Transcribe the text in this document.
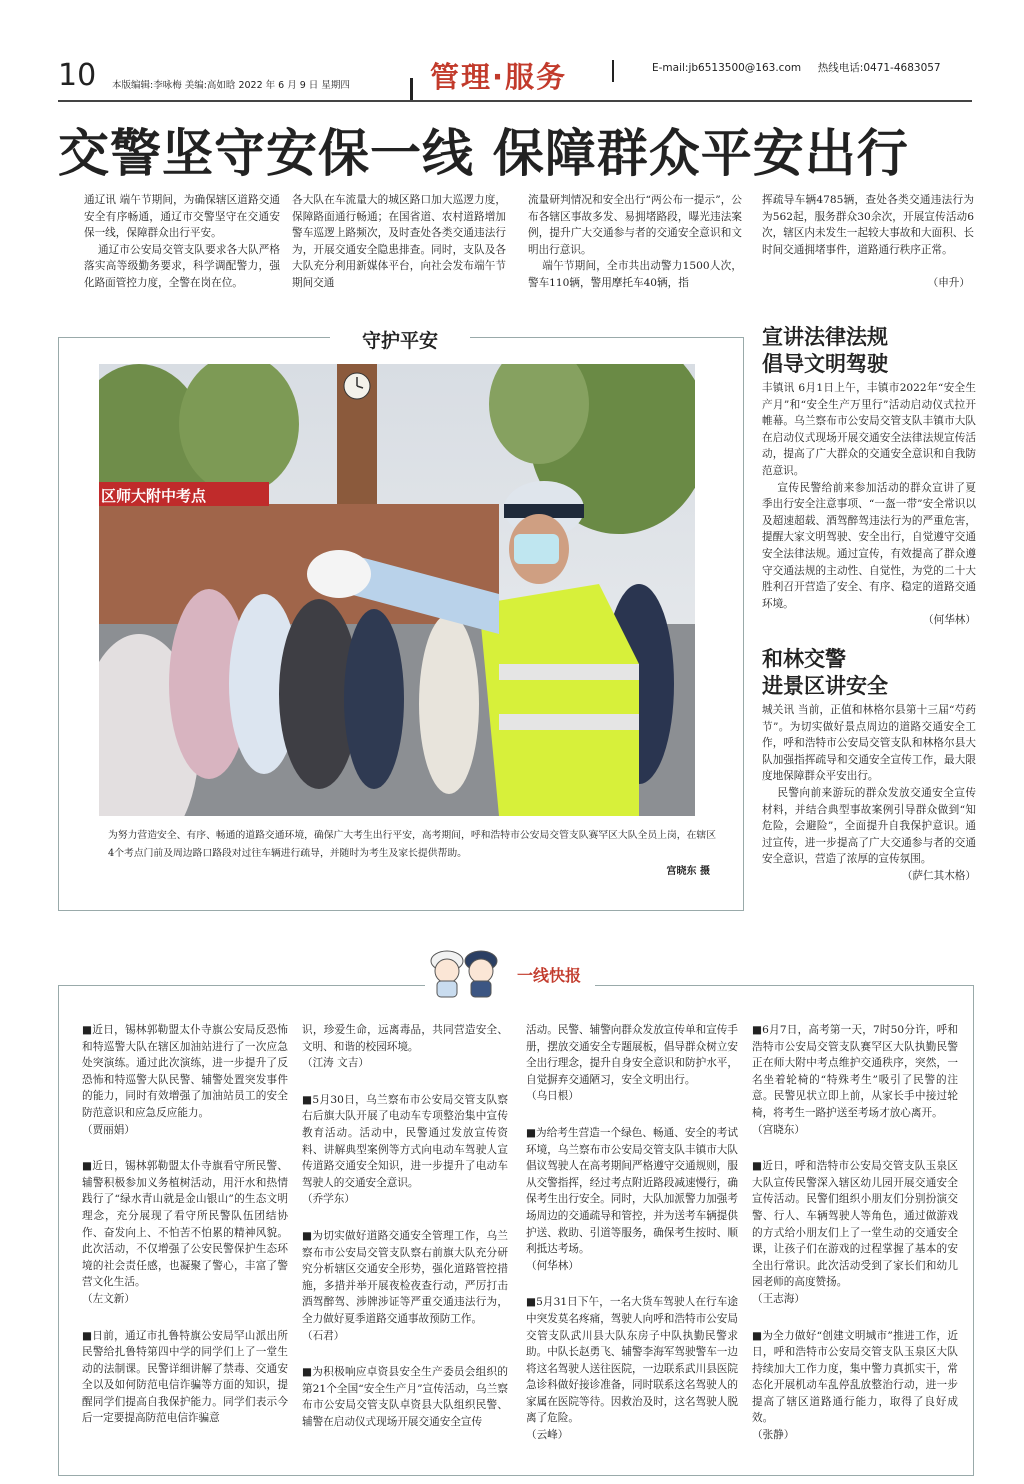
10 本版编辑:李咏梅 美编:高如晗 2022 年 6 月 9 日 星期四	管理·服务	E-mail:jb6513500@163.com 热线电话:0471-4683057
交警坚守安保一线 保障群众平安出行
通辽讯 端午节期间，为确保辖区道路交通安全有序畅通，通辽市交警坚守在交通安保一线，保障群众出行平安。
通辽市公安局交管支队要求各大队严格落实高等级勤务要求，科学调配警力，强化路面管控力度，全警在岗在位。
各大队在车流量大的城区路口加大巡逻力度，保障路面通行畅通；在国省道、农村道路增加警车巡逻上路频次，及时查处各类交通违法行为，开展交通安全隐患排查。同时，支队及各大队充分利用新媒体平台，向社会发布端午节期间交通
流量研判情况和安全出行“两公布一提示”，公布各辖区事故多发、易拥堵路段，曝光违法案例，提升广大交通参与者的交通安全意识和文明出行意识。
端午节期间，全市共出动警力1500人次，警车110辆，警用摩托车40辆，指
挥疏导车辆4785辆，查处各类交通违法行为为562起，服务群众30余次，开展宣传活动6次，辖区内未发生一起较大事故和大面积、长时间交通拥堵事件，道路通行秩序正常。
（申升）
守护平安
区师大附中考点
为努力营造安全、有序、畅通的道路交通环境，确保广大考生出行平安，高考期间，呼和浩特市公安局交管支队赛罕区大队全员上岗，在辖区4个考点门前及周边路口路段对过往车辆进行疏导，并随时为考生及家长提供帮助。
宫晓东 摄
宣讲法律法规
倡导文明驾驶
丰镇讯 6月1日上午，丰镇市2022年“安全生产月”和“安全生产万里行”活动启动仪式拉开帷幕。乌兰察布市公安局交管支队丰镇市大队在启动仪式现场开展交通安全法律法规宣传活动，提高了广大群众的交通安全意识和自我防范意识。
宣传民警给前来参加活动的群众宣讲了夏季出行安全注意事项、“一盔一带”安全常识以及超速超载、酒驾醉驾违法行为的严重危害，提醒大家文明驾驶、安全出行，自觉遵守交通安全法律法规。通过宣传，有效提高了群众遵守交通法规的主动性、自觉性，为党的二十大胜利召开营造了安全、有序、稳定的道路交通环境。
（何华林）
和林交警
进景区讲安全
城关讯 当前，正值和林格尔县第十三届“芍药节”。为切实做好景点周边的道路交通安全工作，呼和浩特市公安局交管支队和林格尔县大队加强指挥疏导和交通安全宣传工作，最大限度地保障群众平安出行。
民警向前来游玩的群众发放交通安全宣传材料，并结合典型事故案例引导群众做到“知危险，会避险”，全面提升自我保护意识。通过宣传，进一步提高了广大交通参与者的交通安全意识，营造了浓厚的宣传氛围。
（萨仁其木格）
一线快报
■近日，锡林郭勒盟太仆寺旗公安局反恐怖和特巡警大队在辖区加油站进行了一次应急处突演练。通过此次演练，进一步提升了反恐怖和特巡警大队民警、辅警处置突发事件的能力，同时有效增强了加油站员工的安全防范意识和应急反应能力。
（贾丽娟）
■近日，锡林郭勒盟太仆寺旗看守所民警、辅警积极参加义务植树活动，用汗水和热情践行了“绿水青山就是金山银山”的生态文明理念，充分展现了看守所民警队伍团结协作、奋发向上、不怕苦不怕累的精神风貌。此次活动，不仅增强了公安民警保护生态环境的社会责任感，也凝聚了警心，丰富了警营文化生活。
（左文新）
■日前，通辽市扎鲁特旗公安局罕山派出所民警给扎鲁特第四中学的同学们上了一堂生动的法制课。民警详细讲解了禁毒、交通安全以及如何防范电信诈骗等方面的知识，提醒同学们提高自我保护能力。同学们表示今后一定要提高防范电信诈骗意
识，珍爱生命，远离毒品，共同营造安全、文明、和谐的校园环境。
（江涛 文吉）
■5月30日，乌兰察布市公安局交管支队察右后旗大队开展了电动车专项整治集中宣传教育活动。活动中，民警通过发放宣传资料、讲解典型案例等方式向电动车驾驶人宣传道路交通安全知识，进一步提升了电动车驾驶人的交通安全意识。
（乔学东）
■为切实做好道路交通安全管理工作，乌兰察布市公安局交管支队察右前旗大队充分研究分析辖区交通安全形势，强化道路管控措施，多措并举开展夜检夜查行动，严厉打击酒驾醉驾、涉牌涉证等严重交通违法行为，全力做好夏季道路交通事故预防工作。
（石君）
■为积极响应卓资县安全生产委员会组织的第21个全国“安全生产月”宣传活动，乌兰察布市公安局交管支队卓资县大队组织民警、辅警在启动仪式现场开展交通安全宣传
活动。民警、辅警向群众发放宣传单和宣传手册，摆放交通安全专题展板，倡导群众树立安全出行理念，提升自身安全意识和防护水平，自觉摒弃交通陋习，安全文明出行。
（乌日根）
■为给考生营造一个绿色、畅通、安全的考试环境，乌兰察布市公安局交管支队丰镇市大队倡议驾驶人在高考期间严格遵守交通规则，服从交警指挥，经过考点附近路段减速慢行，确保考生出行安全。同时，大队加派警力加强考场周边的交通疏导和管控，并为送考车辆提供护送、救助、引道等服务，确保考生按时、顺利抵达考场。
（何华林）
■5月31日下午，一名大货车驾驶人在行车途中突发莫名疼痛，驾驶人向呼和浩特市公安局交管支队武川县大队东房子中队执勤民警求助。中队长赵勇飞、辅警李海军驾驶警车一边将这名驾驶人送往医院，一边联系武川县医院急诊科做好接诊准备，同时联系这名驾驶人的家属在医院等待。因救治及时，这名驾驶人脱离了危险。
（云峰）
■6月7日，高考第一天，7时50分许，呼和浩特市公安局交管支队赛罕区大队执勤民警正在师大附中考点维护交通秩序，突然，一名坐着轮椅的“特殊考生”吸引了民警的注意。民警见状立即上前，从家长手中接过轮椅，将考生一路护送至考场才放心离开。
（宫晓东）
■近日，呼和浩特市公安局交管支队玉泉区大队宣传民警深入辖区幼儿园开展交通安全宣传活动。民警们组织小朋友们分别扮演交警、行人、车辆驾驶人等角色，通过做游戏的方式给小朋友们上了一堂生动的交通安全课，让孩子们在游戏的过程掌握了基本的安全出行常识。此次活动受到了家长们和幼儿园老师的高度赞扬。
（王志海）
■为全力做好“创建文明城市”推进工作，近日，呼和浩特市公安局交管支队玉泉区大队持续加大工作力度，集中警力真抓实干，常态化开展机动车乱停乱放整治行动，进一步提高了辖区道路通行能力，取得了良好成效。
（张静）
